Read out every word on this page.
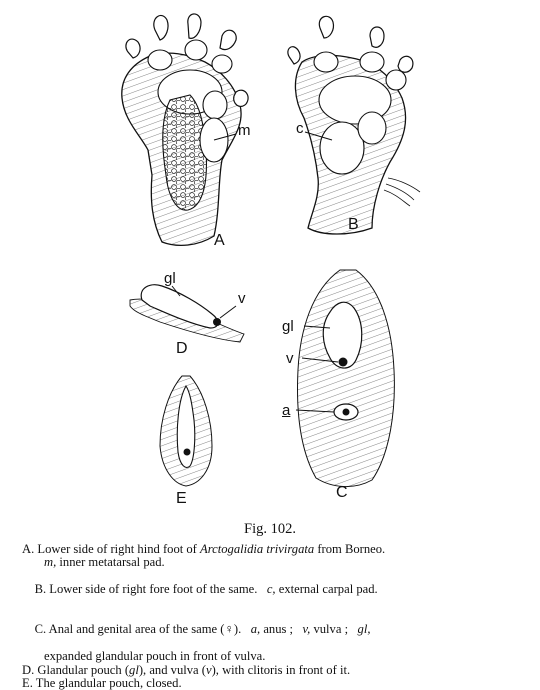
A
m
B
c
gl
v
D
E
gl
v
a
C
Fig. 102.
A. Lower side of right hind foot of Arctogalidia trivirgata from Borneo.
m, inner metatarsal pad.

B. Lower side of right fore foot of the same.   c, external carpal pad.

C. Anal and genital area of the same (♀).   a, anus ;   v, vulva ;   gl,

expanded glandular pouch in front of vulva.
D. Glandular pouch (gl), and vulva (v), with clitoris in front of it.
E. The glandular pouch, closed.
